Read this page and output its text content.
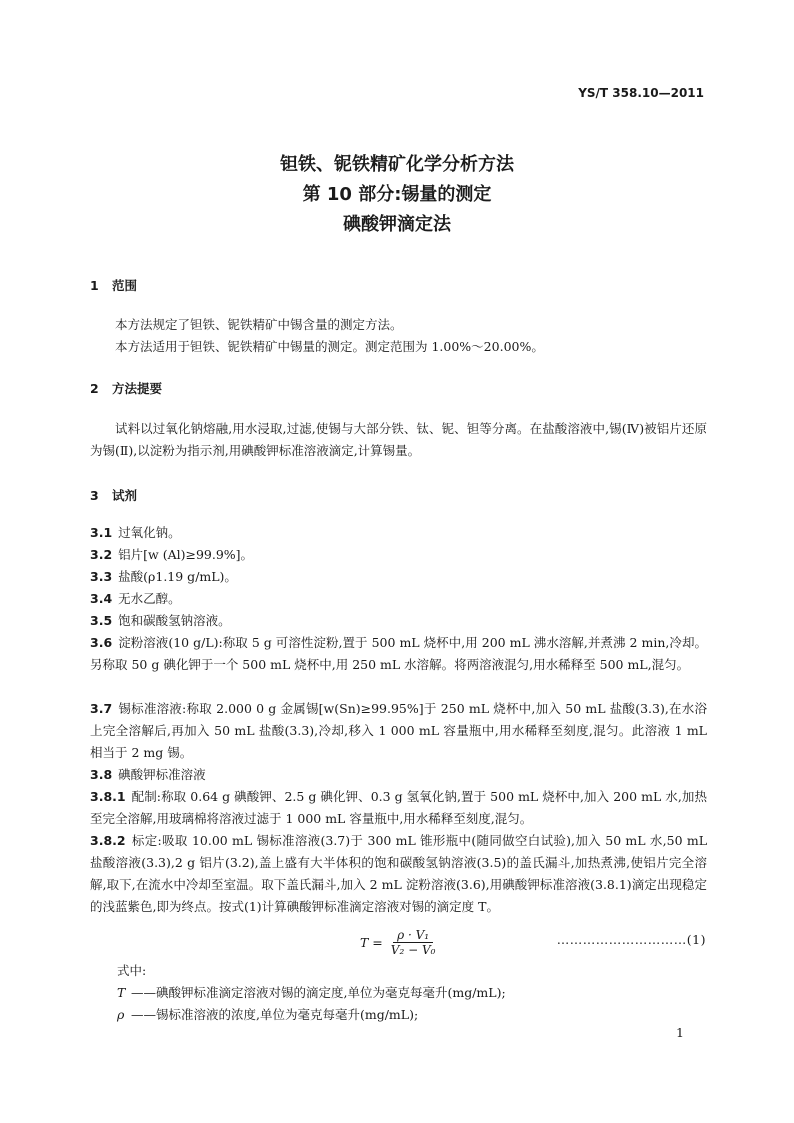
YS/T 358.10—2011
钽铁、铌铁精矿化学分析方法
第 10 部分:锡量的测定
碘酸钾滴定法
1 范围
本方法规定了钽铁、铌铁精矿中锡含量的测定方法。
本方法适用于钽铁、铌铁精矿中锡量的测定。测定范围为 1.00%～20.00%。
2 方法提要
试料以过氧化钠熔融,用水浸取,过滤,使锡与大部分铁、钛、铌、钽等分离。在盐酸溶液中,锡(Ⅳ)被铝片还原为锡(Ⅱ),以淀粉为指示剂,用碘酸钾标准溶液滴定,计算锡量。
3 试剂
3.1 过氧化钠。
3.2 铝片[w (Al)≥99.9%]。
3.3 盐酸(ρ1.19 g/mL)。
3.4 无水乙醇。
3.5 饱和碳酸氢钠溶液。
3.6 淀粉溶液(10 g/L):称取 5 g 可溶性淀粉,置于 500 mL 烧杯中,用 200 mL 沸水溶解,并煮沸 2 min,冷却。另称取 50 g 碘化钾于一个 500 mL 烧杯中,用 250 mL 水溶解。将两溶液混匀,用水稀释至 500 mL,混匀。
3.7 锡标准溶液:称取 2.000 0 g 金属锡[w(Sn)≥99.95%]于 250 mL 烧杯中,加入 50 mL 盐酸(3.3),在水浴上完全溶解后,再加入 50 mL 盐酸(3.3),冷却,移入 1 000 mL 容量瓶中,用水稀释至刻度,混匀。此溶液 1 mL 相当于 2 mg 锡。
3.8 碘酸钾标准溶液
3.8.1 配制:称取 0.64 g 碘酸钾、2.5 g 碘化钾、0.3 g 氢氧化钠,置于 500 mL 烧杯中,加入 200 mL 水,加热至完全溶解,用玻璃棉将溶液过滤于 1 000 mL 容量瓶中,用水稀释至刻度,混匀。
3.8.2 标定:吸取 10.00 mL 锡标准溶液(3.7)于 300 mL 锥形瓶中(随同做空白试验),加入 50 mL 水,50 mL 盐酸溶液(3.3),2 g 铝片(3.2),盖上盛有大半体积的饱和碳酸氢钠溶液(3.5)的盖氏漏斗,加热煮沸,使铝片完全溶解,取下,在流水中冷却至室温。取下盖氏漏斗,加入 2 mL 淀粉溶液(3.6),用碘酸钾标准溶液(3.8.1)滴定出现稳定的浅蓝紫色,即为终点。按式(1)计算碘酸钾标准滴定溶液对锡的滴定度 T。
$T = \frac{\text{ρ · V₁}}{\text{V₂ − V₀}}$	…………………………(1)
式中:
T ——碘酸钾标准滴定溶液对锡的滴定度,单位为毫克每毫升(mg/mL);
ρ ——锡标准溶液的浓度,单位为毫克每毫升(mg/mL);
1
